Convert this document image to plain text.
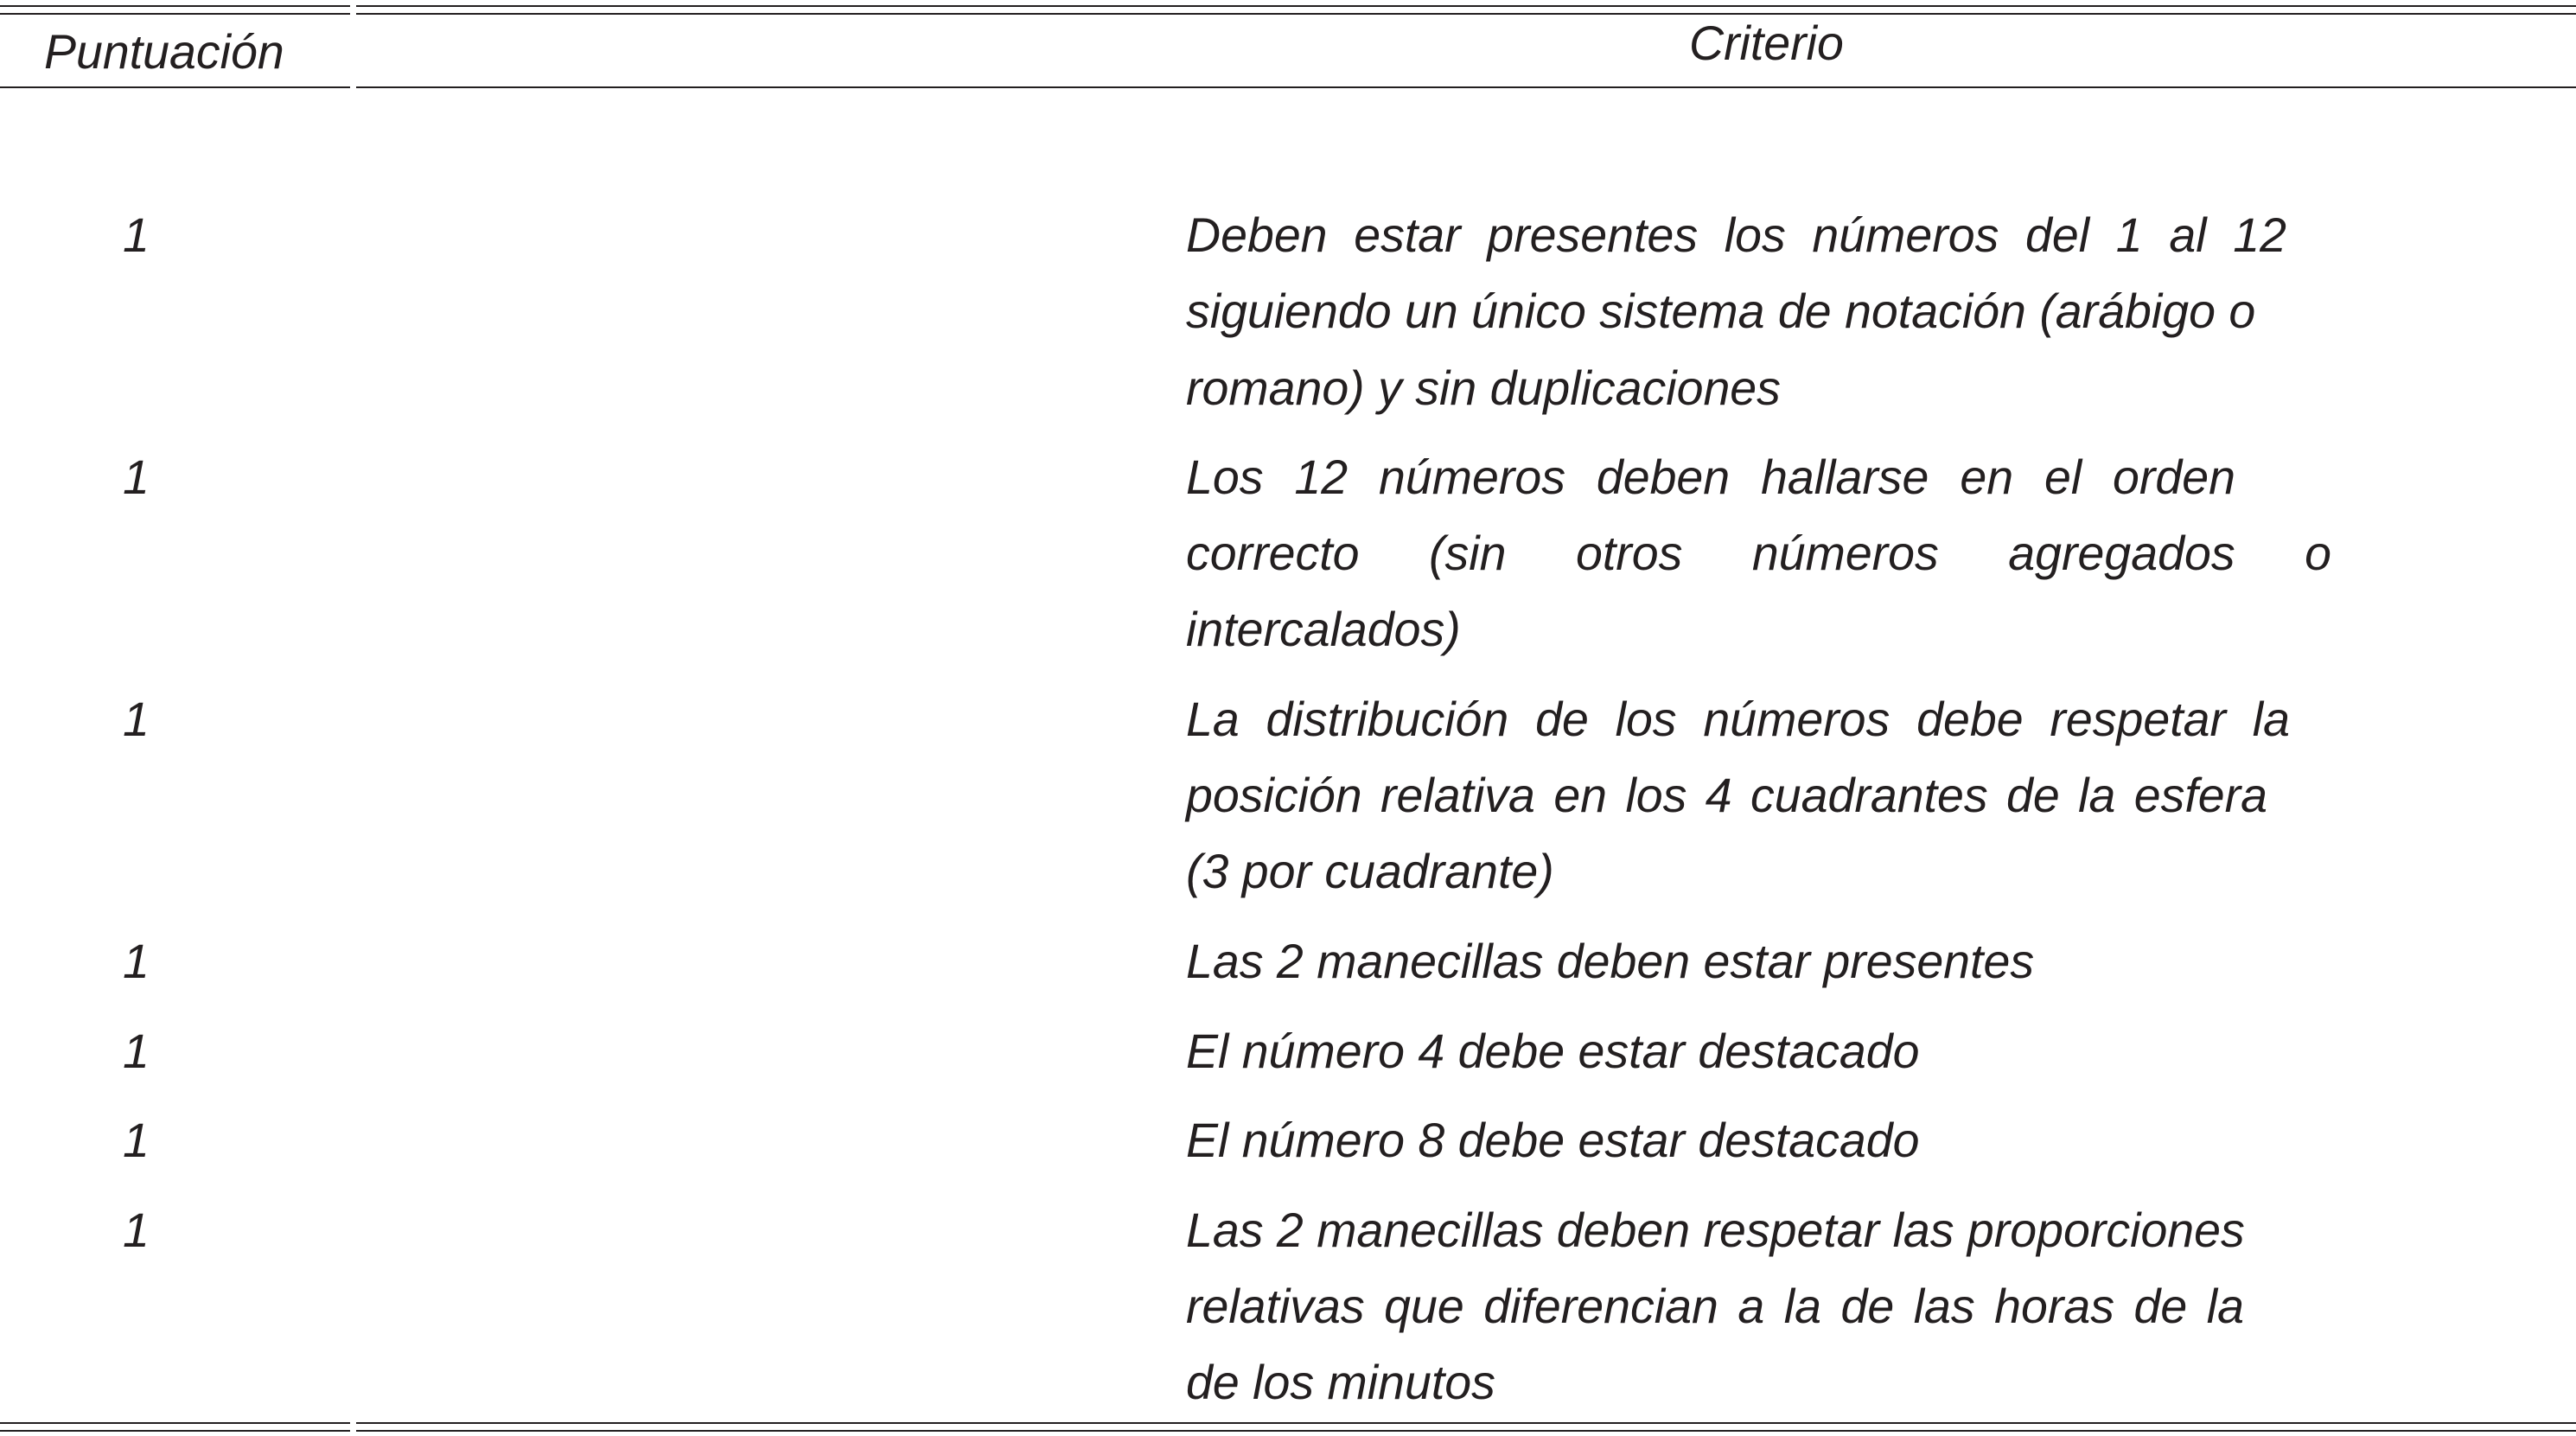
Puntuación	Criterio
1	Deben estar presentes los números del 1 al 12
siguiendo un único sistema de notación (arábigo o
romano) y sin duplicaciones
1	Los 12 números deben hallarse en el orden
correcto (sin otros números agregados o
intercalados)
1	La distribución de los números debe respetar la
posición relativa en los 4 cuadrantes de la esfera
(3 por cuadrante)
1	Las 2 manecillas deben estar presentes
1	El número 4 debe estar destacado
1	El número 8 debe estar destacado
1	Las 2 manecillas deben respetar las proporciones
relativas que diferencian a la de las horas de la
de los minutos
